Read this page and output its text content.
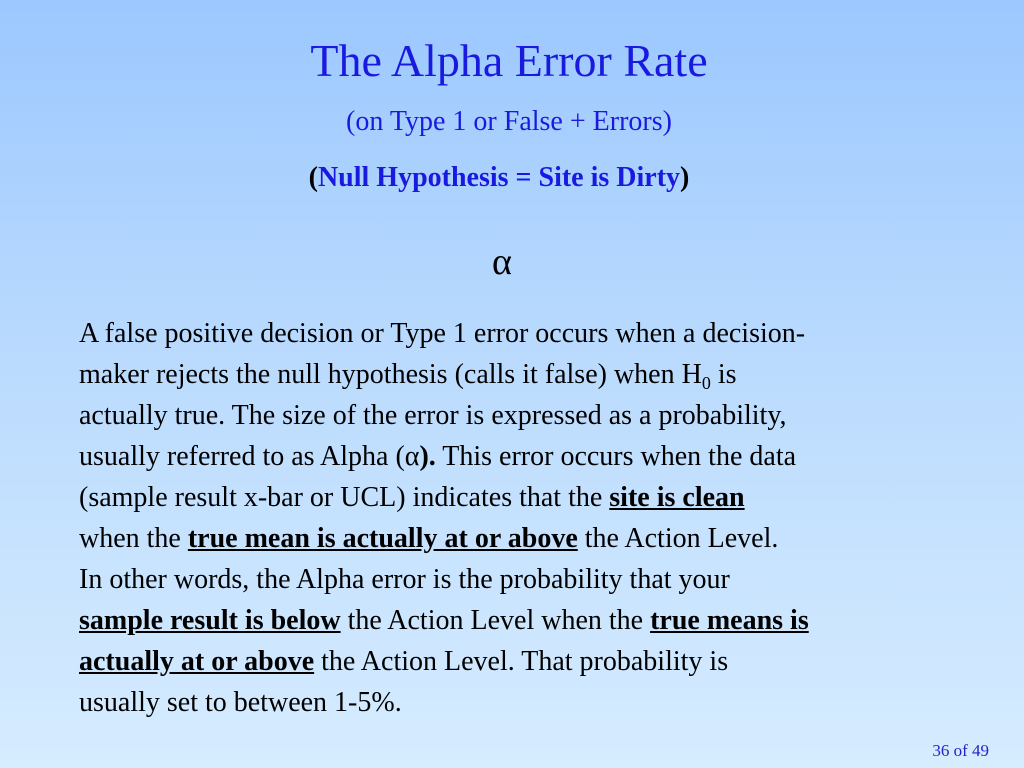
The Alpha Error Rate
(on Type 1 or False + Errors)
(Null Hypothesis = Site is Dirty)
α
A false positive decision or Type 1 error occurs when a decision-
maker rejects the null hypothesis (calls it false) when $H_0$ is
actually true. The size of the error is expressed as a probability,
usually referred to as Alpha (α). This error occurs when the data
(sample result x-bar or UCL) indicates that the site is clean
when the true mean is actually at or above the Action Level.
In other words, the Alpha error is the probability that your
sample result is below the Action Level when the true means is
actually at or above the Action Level. That probability is
usually set to between 1-5%.
36 of 49
